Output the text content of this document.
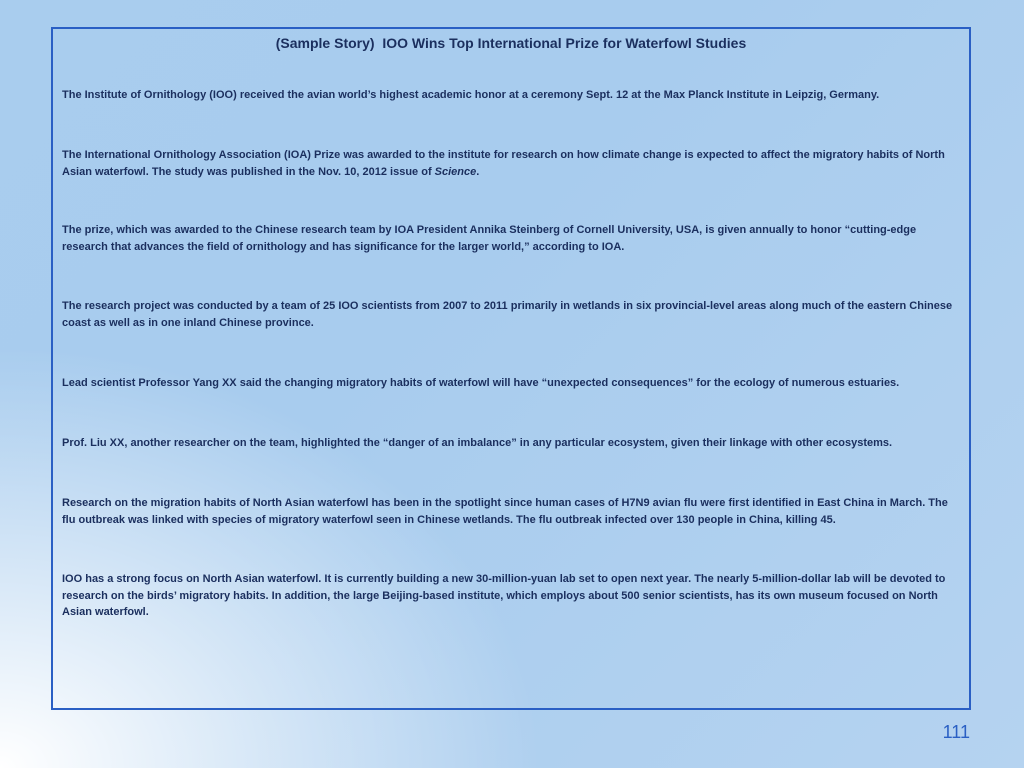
(Sample Story)  IOO Wins Top International Prize for Waterfowl Studies

The Institute of Ornithology (IOO) received the avian world’s highest academic honor at a ceremony Sept. 12 at the Max Planck Institute in Leipzig, Germany.

The International Ornithology Association (IOA) Prize was awarded to the institute for research on how climate change is expected to affect the migratory habits of North Asian waterfowl. The study was published in the Nov. 10, 2012 issue of Science.

The prize, which was awarded to the Chinese research team by IOA President Annika Steinberg of Cornell University, USA, is given annually to honor “cutting-edge research that advances the field of ornithology and has significance for the larger world,” according to IOA.

The research project was conducted by a team of 25 IOO scientists from 2007 to 2011 primarily in wetlands in six provincial-level areas along much of the eastern Chinese coast as well as in one inland Chinese province.

Lead scientist Professor Yang XX said the changing migratory habits of waterfowl will have “unexpected consequences” for the ecology of numerous estuaries.

Prof. Liu XX, another researcher on the team, highlighted the “danger of an imbalance” in any particular ecosystem, given their linkage with other ecosystems.

Research on the migration habits of North Asian waterfowl has been in the spotlight since human cases of H7N9 avian flu were first identified in East China in March. The flu outbreak was linked with species of migratory waterfowl seen in Chinese wetlands. The flu outbreak infected over 130 people in China, killing 45.

IOO has a strong focus on North Asian waterfowl. It is currently building a new 30-million-yuan lab set to open next year. The nearly 5-million-dollar lab will be devoted to research on the birds’ migratory habits. In addition, the large Beijing-based institute, which employs about 500 senior scientists, has its own museum focused on North Asian waterfowl.

111
